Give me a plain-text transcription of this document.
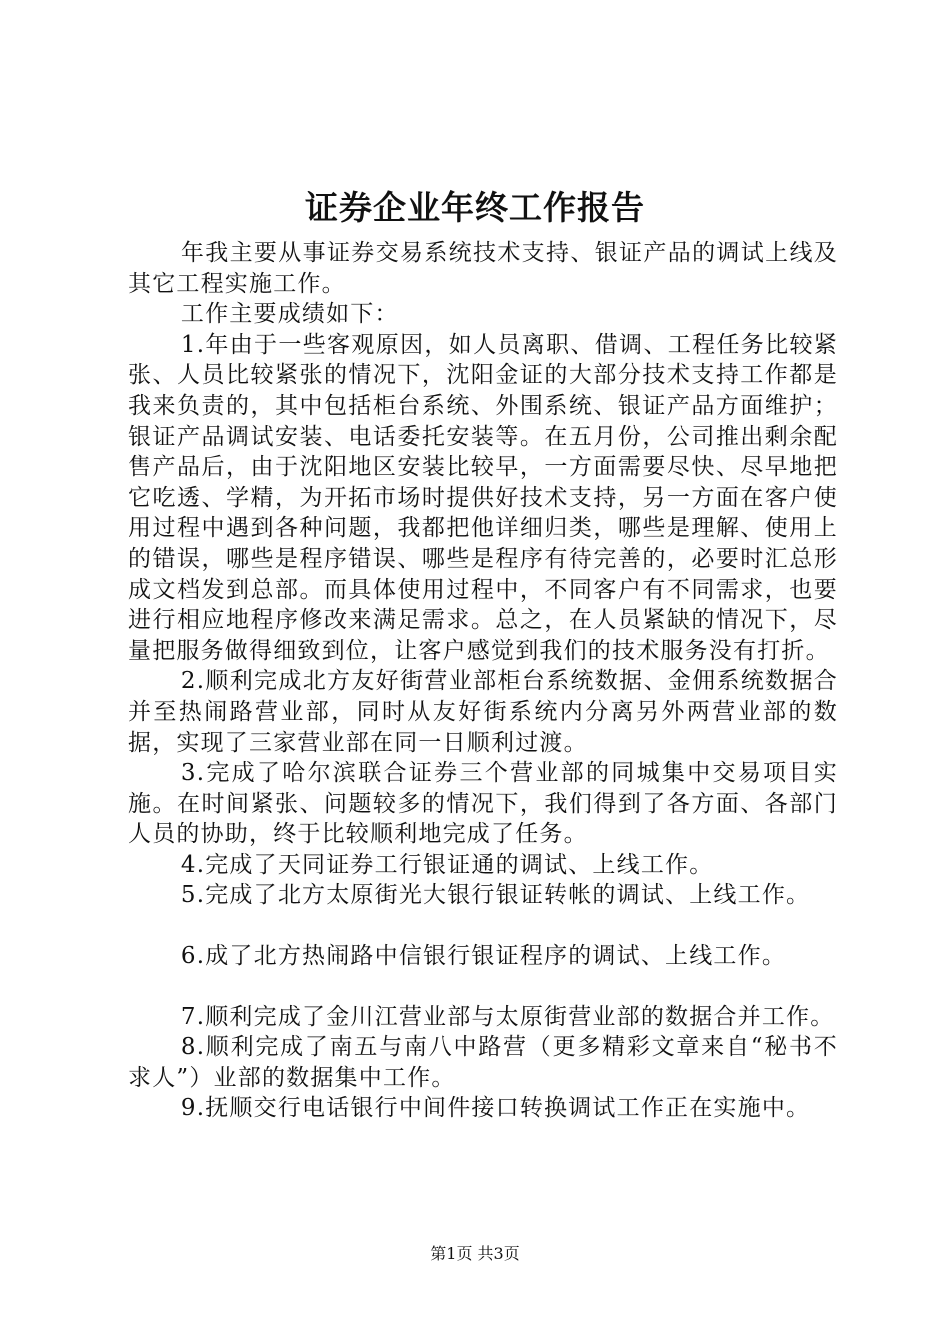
证券企业年终工作报告

年我主要从事证券交易系统技术支持、银证产品的调试上线及其它工程实施工作。

工作主要成绩如下：

1.年由于一些客观原因，如人员离职、借调、工程任务比较紧张、人员比较紧张的情况下，沈阳金证的大部分技术支持工作都是我来负责的，其中包括柜台系统、外围系统、银证产品方面维护；银证产品调试安装、电话委托安装等。在五月份，公司推出剩余配售产品后，由于沈阳地区安装比较早，一方面需要尽快、尽早地把它吃透、学精，为开拓市场时提供好技术支持，另一方面在客户使用过程中遇到各种问题，我都把他详细归类，哪些是理解、使用上的错误，哪些是程序错误、哪些是程序有待完善的，必要时汇总形成文档发到总部。而具体使用过程中，不同客户有不同需求，也要进行相应地程序修改来满足需求。总之，在人员紧缺的情况下，尽量把服务做得细致到位，让客户感觉到我们的技术服务没有打折。

2.顺利完成北方友好街营业部柜台系统数据、金佣系统数据合并至热闹路营业部，同时从友好街系统内分离另外两营业部的数据，实现了三家营业部在同一日顺利过渡。

3.完成了哈尔滨联合证券三个营业部的同城集中交易项目实施。在时间紧张、问题较多的情况下，我们得到了各方面、各部门人员的协助，终于比较顺利地完成了任务。

4.完成了天同证券工行银证通的调试、上线工作。

5.完成了北方太原街光大银行银证转帐的调试、上线工作。

6.成了北方热闹路中信银行银证程序的调试、上线工作。

7.顺利完成了金川江营业部与太原街营业部的数据合并工作。

8.顺利完成了南五与南八中路营（更多精彩文章来自“秘书不求人”）业部的数据集中工作。

9.抚顺交行电话银行中间件接口转换调试工作正在实施中。

第1页 共3页
